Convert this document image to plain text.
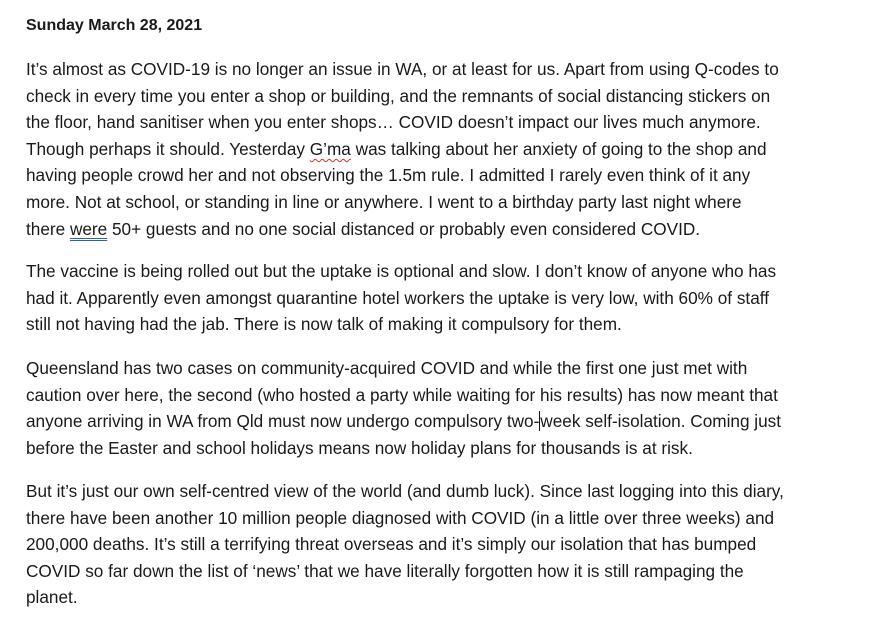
Sunday March 28, 2021

It’s almost as COVID-19 is no longer an issue in WA, or at least for us. Apart from using Q-codes to
check in every time you enter a shop or building, and the remnants of social distancing stickers on
the floor, hand sanitiser when you enter shops… COVID doesn’t impact our lives much anymore.
Though perhaps it should. Yesterday G’ma was talking about her anxiety of going to the shop and
having people crowd her and not observing the 1.5m rule. I admitted I rarely even think of it any
more. Not at school, or standing in line or anywhere. I went to a birthday party last night where
there were 50+ guests and no one social distanced or probably even considered COVID.

The vaccine is being rolled out but the uptake is optional and slow. I don’t know of anyone who has
had it. Apparently even amongst quarantine hotel workers the uptake is very low, with 60% of staff
still not having had the jab. There is now talk of making it compulsory for them.

Queensland has two cases on community-acquired COVID and while the first one just met with
caution over here, the second (who hosted a party while waiting for his results) has now meant that
anyone arriving in WA from Qld must now undergo compulsory two-week self-isolation. Coming just
before the Easter and school holidays means now holiday plans for thousands is at risk.

But it’s just our own self-centred view of the world (and dumb luck). Since last logging into this diary,
there have been another 10 million people diagnosed with COVID (in a little over three weeks) and
200,000 deaths. It’s still a terrifying threat overseas and it’s simply our isolation that has bumped
COVID so far down the list of ‘news’ that we have literally forgotten how it is still rampaging the
planet.
